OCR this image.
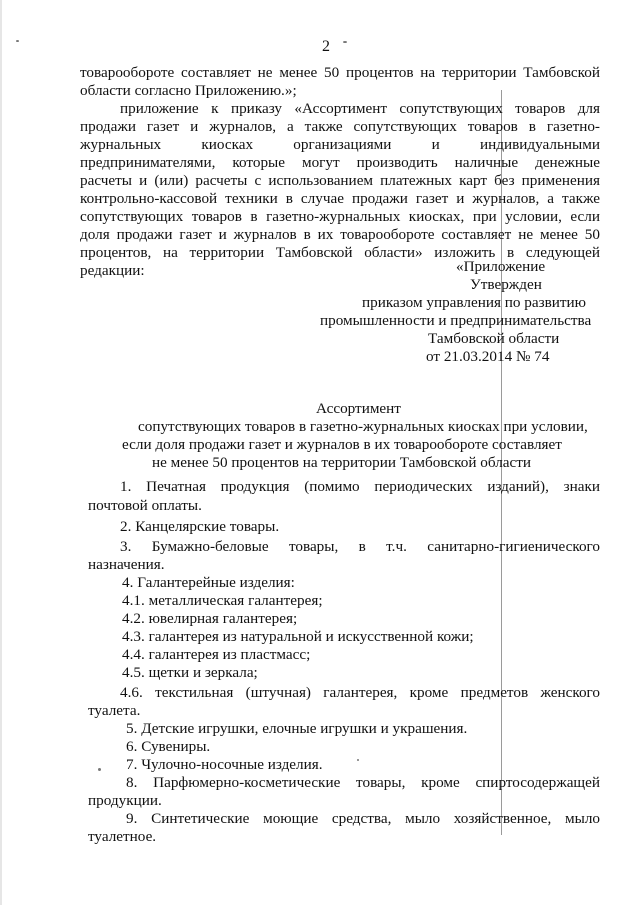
2
товарообороте составляет не менее 50 процентов на территории Тамбовской
области согласно Приложению.»;
приложение к приказу «Ассортимент сопутствующих товаров для
продажи газет и журналов, а также сопутствующих товаров в газетно-
журнальных киосках организациями и индивидуальными
предпринимателями, которые могут производить наличные денежные
расчеты и (или) расчеты с использованием платежных карт без применения
контрольно-кассовой техники в случае продажи газет и журналов, а также
сопутствующих товаров в газетно-журнальных киосках, при условии, если
доля продажи газет и журналов в их товарообороте составляет не менее 50
процентов, на территории Тамбовской области» изложить в следующей
редакции:	«Приложение
Утвержден
приказом управления по развитию
промышленности и предпринимательства
Тамбовской области
от 21.03.2014 № 74
Ассортимент
сопутствующих товаров в газетно-журнальных киосках при условии,
если доля продажи газет и журналов в их товарообороте составляет
не менее 50 процентов на территории Тамбовской области
1. Печатная продукция (помимо периодических изданий), знаки
почтовой оплаты.
2. Канцелярские товары.
3. Бумажно-беловые товары, в т.ч. санитарно-гигиенического
назначения.
4. Галантерейные изделия:
4.1. металлическая галантерея;
4.2. ювелирная галантерея;
4.3. галантерея из натуральной и искусственной кожи;
4.4. галантерея из пластмасс;
4.5. щетки и зеркала;
4.6. текстильная (штучная) галантерея, кроме предметов женского
туалета.
5. Детские игрушки, елочные игрушки и украшения.
6. Сувениры.
7. Чулочно-носочные изделия.
8. Парфюмерно-косметические товары, кроме спиртосодержащей
продукции.
9. Синтетические моющие средства, мыло хозяйственное, мыло
туалетное.
